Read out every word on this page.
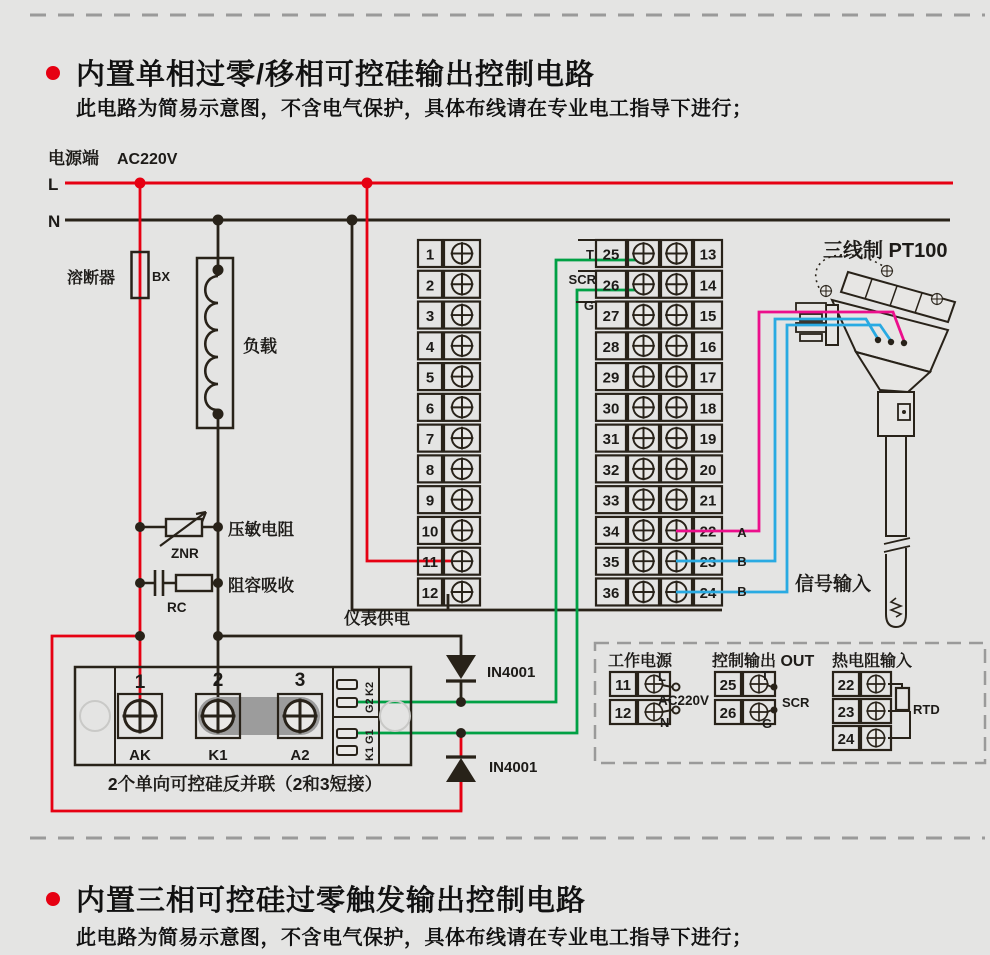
内置单相过零/移相可控硅输出控制电路
此电路为简易示意图，不含电气保护，具体布线请在专业电工指导下进行；
电源端 AC220V
L
N
溶断器	BX
负载
ZNR
压敏电阻
RC
阻容吸收
IN4001
IN4001
1
2
3
4
5
6
7
8
9
10
11
12
25	13
26	14
27	15
28	16
29	17
30	18
31	19
32	20
33	21
34	22
35	23
36	24
T
SCR
G
仪表供电
1	2	3
AK	K1	A2
K2
G2
G1
K1
2个单向可控硅反并联（2和3短接）
工作电源
11
12
L
AC220V
N
控制输出 OUT
25
26
T
SCR
G
热电阻输入
22
23
24
RTD
三线制 PT100
A
B
B	信号输入
内置三相可控硅过零触发输出控制电路
此电路为简易示意图，不含电气保护，具体布线请在专业电工指导下进行；
